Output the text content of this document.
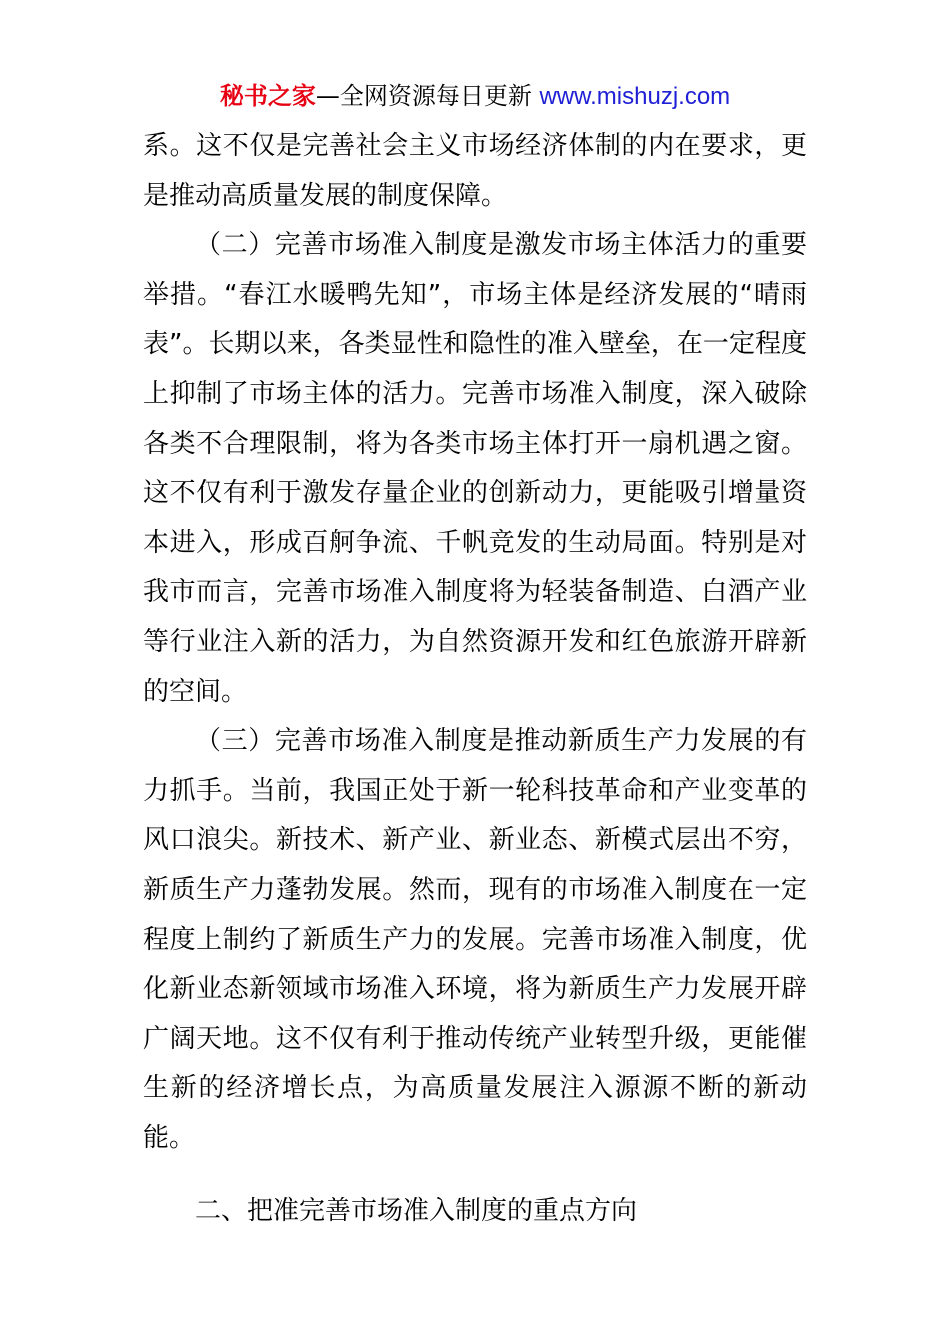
秘书之家—全网资源每日更新 www.mishuzj.com

系。这不仅是完善社会主义市场经济体制的内在要求，更是推动高质量发展的制度保障。

（二）完善市场准入制度是激发市场主体活力的重要举措。“春江水暖鸭先知”，市场主体是经济发展的“晴雨表”。长期以来，各类显性和隐性的准入壁垒，在一定程度上抑制了市场主体的活力。完善市场准入制度，深入破除各类不合理限制，将为各类市场主体打开一扇机遇之窗。这不仅有利于激发存量企业的创新动力，更能吸引增量资本进入，形成百舸争流、千帆竞发的生动局面。特别是对我市而言，完善市场准入制度将为轻装备制造、白酒产业等行业注入新的活力，为自然资源开发和红色旅游开辟新的空间。

（三）完善市场准入制度是推动新质生产力发展的有力抓手。当前，我国正处于新一轮科技革命和产业变革的风口浪尖。新技术、新产业、新业态、新模式层出不穷，新质生产力蓬勃发展。然而，现有的市场准入制度在一定程度上制约了新质生产力的发展。完善市场准入制度，优化新业态新领域市场准入环境，将为新质生产力发展开辟广阔天地。这不仅有利于推动传统产业转型升级，更能催生新的经济增长点，为高质量发展注入源源不断的新动能。

二、把准完善市场准入制度的重点方向
